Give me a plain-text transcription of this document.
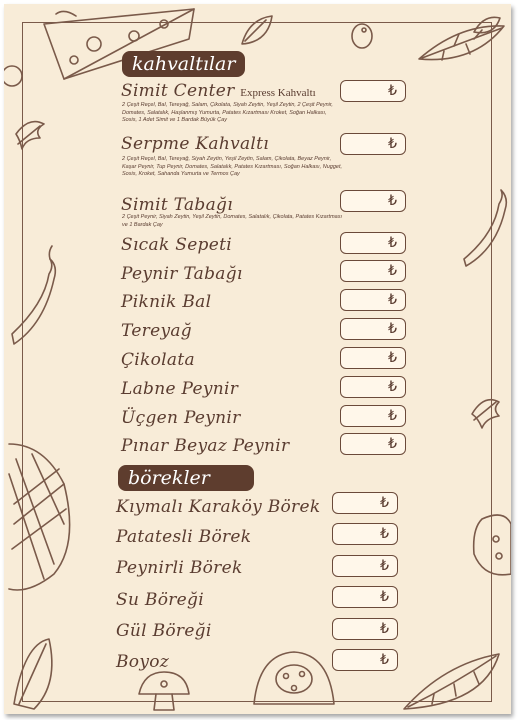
kahvaltılar
Simit Center Express Kahvaltı
2 Çeşit Reçel, Bal, Tereyağ, Salam, Çikolata, Siyah Zeytin, Yeşil Zeytin, 2 Çeşit Peynir, Domates, Salatalık, Haşlanmış Yumurta, Patates Kızartması Kroket, Soğan Halkası, Sosis, 1 Adet Simit ve 1 Bardak Büyük Çay
₺
Serpme Kahvaltı
2 Çeşit Reçel, Bal, Tereyağ, Siyah Zeytin, Yeşil Zeytin, Salam, Çikolata, Beyaz Peynir, Kaşar Peynir, Tup Peynir, Domates, Salatalık, Patates Kızartması, Soğan Halkası, Nugget, Sosis, Kroket, Sahanda Yumurta ve Termos Çay
₺
Simit Tabağı
2 Çeşit Peynir, Siyah Zeytin, Yeşil Zeytin, Domates, Salatalık, Çikolata, Patates Kızartması ve 1 Bardak Çay
₺
Sıcak Sepeti	₺
Peynir Tabağı	₺
Piknik Bal	₺
Tereyağ	₺
Çikolata	₺
Labne Peynir	₺
Üçgen Peynir	₺
Pınar Beyaz Peynir	₺
börekler
Kıymalı Karaköy Börek	₺
Patatesli Börek	₺
Peynirli Börek	₺
Su Böreği	₺
Gül Böreği	₺
Boyoz	₺
